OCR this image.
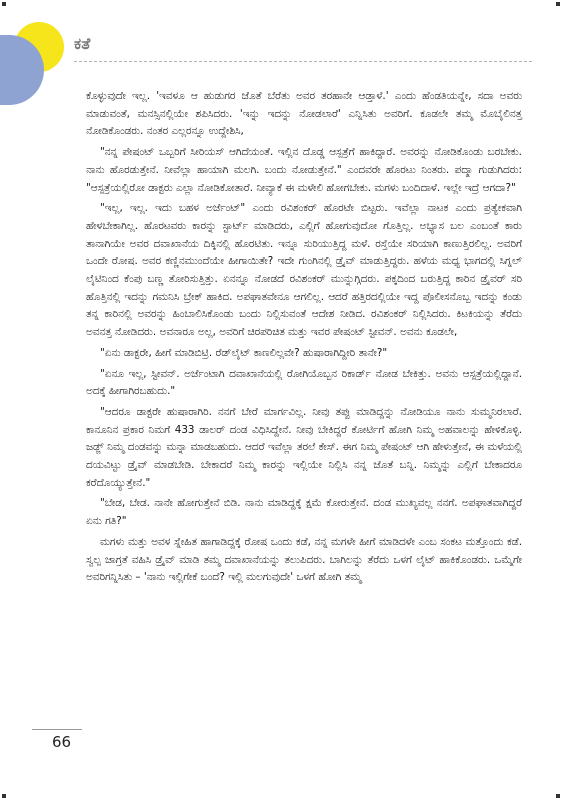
ಕತೆ

ಕೊಳ್ಳುವುದೇ ಇಲ್ಲ. 'ಇವಳೂ ಆ ಹುಡುಗರ ಜೊತೆ ಬೆರೆತು ಅವರ ತರಹಾನೇ ಆಡ್ತಾಳೆ.' ಎಂದು ಹೆಂಡತಿಯನ್ನೇ, ಸದಾ ಅವರು ಮಾಡುವಂತೆ, ಮನಸ್ಸಿನಲ್ಲಿಯೇ ಶಪಿಸಿದರು. 'ಇನ್ನು ಇದನ್ನು ನೋಡಲಾರೆ' ಎನ್ನಿಸಿತು ಅವರಿಗೆ. ಕೂಡಲೇ ತಮ್ಮ ಮೊಬೈಲಿನತ್ತ ನೋಡಿಕೊಂಡರು. ನಂತರ ಎಲ್ಲರನ್ನೂ ಉದ್ದೇಶಿಸಿ,

"ನನ್ನ ಪೇಷಂಟ್ ಒಬ್ಬರಿಗೆ ಸೀರಿಯಸ್ ಆಗಿದೆಯಂತೆ. ಇಲ್ಲಿನ ದೊಡ್ಡ ಆಸ್ಪತ್ರೆಗೆ ಹಾಕಿದ್ದಾರೆ. ಅವರನ್ನು ನೋಡಿಕೊಂಡು ಬರಬೇಕು. ನಾನು ಹೊರಡುತ್ತೇನೆ. ನೀವೆಲ್ಲಾ ಹಾಯಾಗಿ ಮಲಗಿ. ಬಂದು ನೋಡುತ್ತೇನೆ." ಎಂದವರೇ ಹೊರಟು ನಿಂತರು. ಪದ್ಮಾ ಗುಡುಗಿದರು: "ಆಸ್ಪತ್ರೆಯಲ್ಲಿರೋ ಡಾಕ್ಟರು ಎಲ್ಲಾ ನೋಡಿಕೋತಾರೆ. ನೀವ್ಯಾಕೆ ಈ ಮಳೇಲಿ ಹೋಗಬೇಕು. ಮಗಳು ಬಂದಿದಾಳೆ. ಇಲ್ಲೇ ಇದ್ರೆ ಆಗದಾ?"

"ಇಲ್ಲ, ಇಲ್ಲ. ಇದು ಬಹಳ ಅರ್ಜೆಂಟ್" ಎಂದು ರವಿಶಂಕರ್ ಹೊರಟೇ ಬಿಟ್ಟರು. ಇವೆಲ್ಲಾ ನಾಟಕ ಎಂದು ಪ್ರತ್ಯೇಕವಾಗಿ ಹೇಳಬೇಕಾಗಿಲ್ಲ. ಹೊರಟವರು ಕಾರನ್ನು ಸ್ಟಾರ್ಟ್ ಮಾಡಿದರು, ಎಲ್ಲಿಗೆ ಹೋಗುವುದೋ ಗೊತ್ತಿಲ್ಲ. ಅಭ್ಯಾಸ ಬಲ ಎಂಬಂತೆ ಕಾರು ತಾನಾಗಿಯೇ ಅವರ ದವಾಖಾನೆಯ ದಿಕ್ಕಿನಲ್ಲಿ ಹೊರಟಿತು. ಇನ್ನೂ ಸುರಿಯುತ್ತಿದ್ದ ಮಳೆ. ರಸ್ತೆಯೇ ಸರಿಯಾಗಿ ಕಾಣುತ್ತಿರಲಿಲ್ಲ. ಅವರಿಗೆ ಒಂದೇ ರೋಷ. ಅವರ ಕಣ್ಣಿನಮುಂದೆಯೇ ಹೀಗಾಯಿತೇ? ಇದೇ ಗುಂಗಿನಲ್ಲಿ ಡ್ರೈವ್ ಮಾಡುತ್ತಿದ್ದರು. ಹಳೆಯ ಮಧ್ಯ ಭಾಗದಲ್ಲಿ ಸಿಗ್ನಲ್ ಲೈಟಿನಿಂದ ಕೆಂಪು ಬಣ್ಣ ತೋರಿಸುತ್ತಿತ್ತು. ಏನನ್ನೂ ನೋಡದೆ ರವಿಶಂಕರ್ ಮುನ್ನುಗ್ಗಿದರು. ಪಕ್ಕದಿಂದ ಬರುತ್ತಿದ್ದ ಕಾರಿನ ಡ್ರೈವರ್ ಸರಿ ಹೊತ್ತಿನಲ್ಲಿ ಇದನ್ನು ಗಮನಿಸಿ ಬ್ರೇಕ್ ಹಾಕಿದ. ಅಪಘಾತವೇನೂ ಆಗಲಿಲ್ಲ. ಆದರೆ ಹತ್ತಿರದಲ್ಲಿಯೇ ಇದ್ದ ಪೊಲೀಸನೊಬ್ಬ ಇದನ್ನು ಕಂಡು ತನ್ನ ಕಾರಿನಲ್ಲಿ ಅವರನ್ನು ಹಿಂಬಾಲಿಸಿಕೊಂಡು ಬಂದು ನಿಲ್ಲಿಸುವಂತೆ ಆದೇಶ ನೀಡಿದ. ರವಿಶಂಕರ್ ನಿಲ್ಲಿಸಿದರು. ಕಿಟಕಿಯನ್ನು ತೆರೆದು ಅವನತ್ತ ನೋಡಿದರು. ಅವನಾರೂ ಅಲ್ಲ, ಅವರಿಗೆ ಚಿರಪರಿಚಿತ ಮತ್ತು ಇವರ ಪೇಷಂಟ್ ಸ್ಟೀವನ್. ಅವನು ಕೂಡಲೇ,

"ಏನು ಡಾಕ್ಟರೇ, ಹೀಗೆ ಮಾಡಿಬಿಟ್ರಿ. ರೆಡ್‌ಲೈಟ್ ಕಾಣಲಿಲ್ಲವೇ? ಹುಷಾರಾಗಿದ್ದೀರಿ ತಾನೇ?"

"ಏನೂ ಇಲ್ಲ, ಸ್ಟೀವನ್. ಅರ್ಜೆಂಟಾಗಿ ದವಾಖಾನೆಯಲ್ಲಿ ರೋಗಿಯೊಬ್ಬನ ರಿಕಾರ್ಡ್ ನೋಡ ಬೇಕಿತ್ತು. ಅವನು ಆಸ್ಪತ್ರೆಯಲ್ಲಿದ್ದಾನೆ. ಅದಕ್ಕೆ ಹೀಗಾಗಿರಬಹುದು."

"ಆದರೂ ಡಾಕ್ಟರೇ ಹುಷಾರಾಗಿರಿ. ನನಗೆ ಬೇರೆ ಮಾರ್ಗವಿಲ್ಲ. ನೀವು ತಪ್ಪು ಮಾಡಿದ್ದನ್ನು ನೋಡಿಯೂ ನಾನು ಸುಮ್ಮನಿರಲಾರೆ. ಕಾನೂನಿನ ಪ್ರಕಾರ ನಿಮಗೆ 433 ಡಾಲರ್ ದಂಡ ವಿಧಿಸಿದ್ದೇನೆ. ನೀವು ಬೇಕಿದ್ದರೆ ಕೋರ್ಟಿಗೆ ಹೋಗಿ ನಿಮ್ಮ ಅಹವಾಲನ್ನು ಹೇಳಿಕೊಳ್ಳಿ. ಜಡ್ಜ್ ನಿಮ್ಮ ದಂಡವನ್ನು ಮನ್ನಾ ಮಾಡಬಹುದು. ಆದರೆ ಇವೆಲ್ಲಾ ತರಲೆ ಕೇಸ್. ಈಗ ನಿಮ್ಮ ಪೇಷಂಟ್ ಆಗಿ ಹೇಳುತ್ತೇನೆ, ಈ ಮಳೆಯಲ್ಲಿ ದಯವಿಟ್ಟು ಡ್ರೈವ್ ಮಾಡಬೇಡಿ. ಬೇಕಾದರೆ ನಿಮ್ಮ ಕಾರನ್ನು ಇಲ್ಲಿಯೇ ನಿಲ್ಲಿಸಿ ನನ್ನ ಜೊತೆ ಬನ್ನಿ. ನಿಮ್ಮನ್ನು ಎಲ್ಲಿಗೆ ಬೇಕಾದರೂ ಕರೆದೊಯ್ಯುತ್ತೇನೆ."

"ಬೇಡ, ಬೇಡ. ನಾನೇ ಹೋಗುತ್ತೇನೆ ಬಿಡಿ. ನಾನು ಮಾಡಿದ್ದಕ್ಕೆ ಕ್ಷಮೆ ಕೋರುತ್ತೇನೆ. ದಂಡ ಮುಖ್ಯವಲ್ಲ ನನಗೆ. ಅಪಘಾತವಾಗಿದ್ದರೆ ಏನು ಗತಿ?"

ಮಗಳು ಮತ್ತು ಅವಳ ಸ್ನೇಹಿತ ಹಾಗಾಡಿದ್ದಕ್ಕೆ ರೋಷ ಒಂದು ಕಡೆ, ನನ್ನ ಮಗಳೇ ಹೀಗೆ ಮಾಡಿದಳೇ ಎಂಬ ಸಂಕಟ ಮತ್ತೊಂದು ಕಡೆ. ಸ್ವಲ್ಪ ಜಾಗ್ರತೆ ವಹಿಸಿ ಡ್ರೈವ್ ಮಾಡಿ ತಮ್ಮ ದವಾಖಾನೆಯನ್ನು ತಲುಪಿದರು. ಬಾಗಿಲನ್ನು ತೆರೆದು ಒಳಗೆ ಲೈಟ್ ಹಾಕಿಕೊಂಡರು. ಒಮ್ಮೆಗೇ ಅವರಿಗನ್ನಿಸಿತು – 'ನಾನು ಇಲ್ಲಿಗೇಕೆ ಬಂದೆ? ಇಲ್ಲಿ ಮಲಗುವುದೇ' ಒಳಗೆ ಹೋಗಿ ತಮ್ಮ

66
